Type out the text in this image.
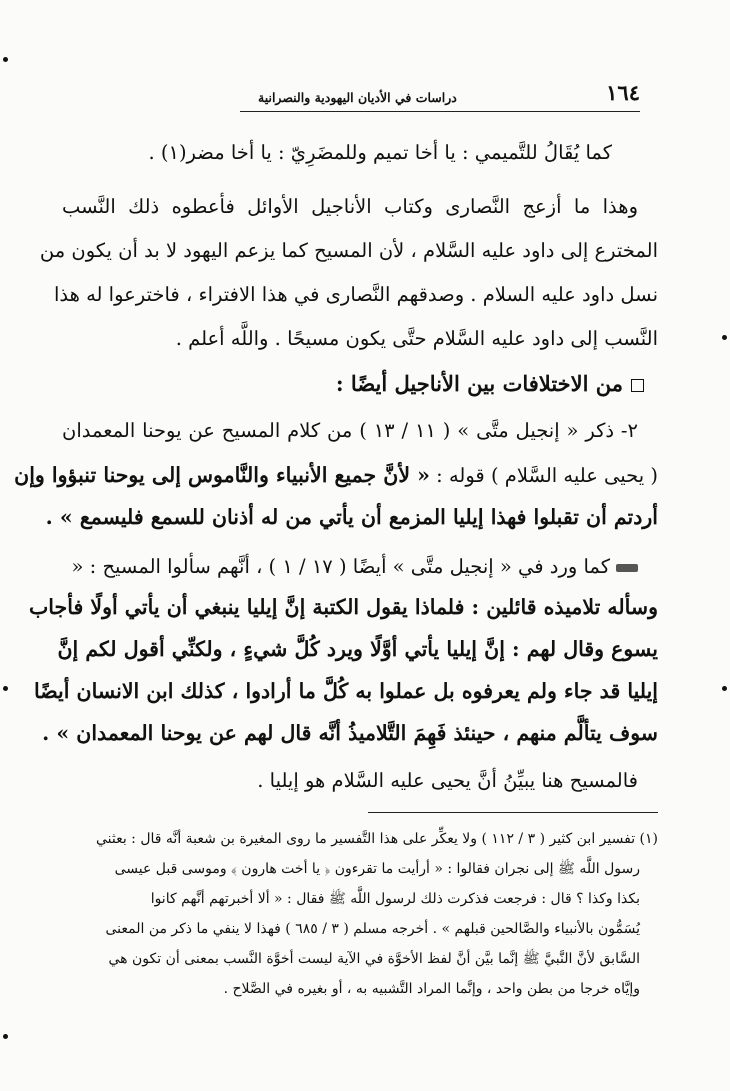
١٦٤
دراسات في الأديان اليهودية والنصرانية
كما يُقَالُ للتَّميمي : يا أخا تميم وللمضَرِيّ : يا أخا مضر(١) .
وهذا ما أزعج النَّصارى وكتاب الأناجيل الأوائل فأعطوه ذلك النَّسب
المخترع إلى داود عليه السَّلام ، لأن المسيح كما يزعم اليهود لا بد أن يكون من
نسل داود عليه السلام . وصدقهم النَّصارى في هذا الافتراء ، فاخترعوا له هذا
النَّسب إلى داود عليه السَّلام حتَّى يكون مسيحًا . واللَّه أعلم .
من الاختلافات بين الأناجيل أيضًا :
٢- ذكر « إنجيل متَّى » ( ١١ / ١٣ ) من كلام المسيح عن يوحنا المعمدان
( يحيى عليه السَّلام ) قوله : « لأنَّ جميع الأنبياء والنَّاموس إلى يوحنا تنبؤوا وإن
أردتم أن تقبلوا فهذا إيليا المزمع أن يأتي من له أذنان للسمع فليسمع » .
كما ورد في « إنجيل متَّى » أيضًا ( ١٧ / ١ ) ، أنَّهم سألوا المسيح : «
وسأله تلاميذه قائلين : فلماذا يقول الكتبة إنَّ إيليا ينبغي أن يأتي أولًا فأجاب
يسوع وقال لهم : إنَّ إيليا يأتي أوَّلًا ويرد كُلَّ شيءٍ ، ولكنِّي أقول لكم إنَّ
إيليا قد جاء ولم يعرفوه بل عملوا به كُلَّ ما أرادوا ، كذلك ابن الانسان أيضًا
سوف يتألَّم منهم ، حينئذ فَهِمَ التَّلاميذُ أنَّه قال لهم عن يوحنا المعمدان » .
فالمسيح هنا يبيِّنُ أنَّ يحيى عليه السَّلام هو إيليا .
(١) تفسير ابن كثير ( ٣ / ١١٢ ) ولا يعكِّر على هذا التَّفسير ما روى المغيرة بن شعبة أنَّه قال : بعثني
رسول اللَّه ﷺ إلى نجران فقالوا : « أرأيت ما تقرءون ﴿ يا أخت هارون ﴾ وموسى قبل عيسى
بكذا وكذا ؟ قال : فرجعت فذكرت ذلك لرسول اللَّه ﷺ فقال : « ألا أخبرتهم أنَّهم كانوا
يُسَمُّون بالأنبياء والصَّالحين قبلهم » . أخرجه مسلم ( ٣ / ٦٨٥ ) فهذا لا ينفي ما ذكر من المعنى
السَّابق لأنَّ النَّبيَّ ﷺ إنَّما بيَّن أنَّ لفظ الأخوَّة في الآية ليست أخوَّة النَّسب بمعنى أن تكون هي
وإيَّاه خرجا من بطن واحد ، وإنَّما المراد التَّشبيه به ، أو بغيره في الصَّلاح .
